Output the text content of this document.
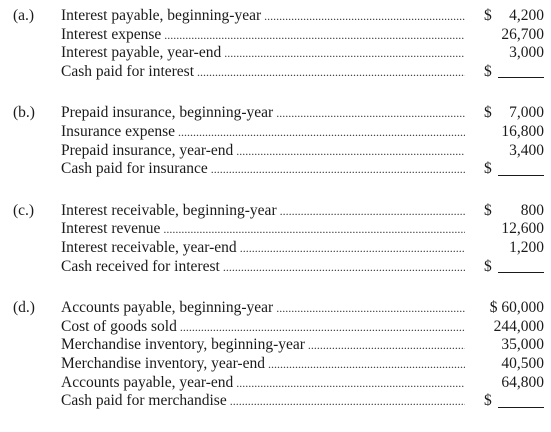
(a.) Interest payable, beginning-year .....	$	4,200
Interest expense .....	26,700
Interest payable, year-end .....	3,000
Cash paid for interest .....	$
(b.) Prepaid insurance, beginning-year .....	$	7,000
Insurance expense .....	16,800
Prepaid insurance, year-end .....	3,400
Cash paid for insurance .....	$
(c.) Interest receivable, beginning-year .....	$	800
Interest revenue .....	12,600
Interest receivable, year-end .....	1,200
Cash received for interest .....	$
(d.) Accounts payable, beginning-year .....	$ 60,000
Cost of goods sold .....	244,000
Merchandise inventory, beginning-year .....	35,000
Merchandise inventory, year-end .....	40,500
Accounts payable, year-end .....	64,800
Cash paid for merchandise .....	$
